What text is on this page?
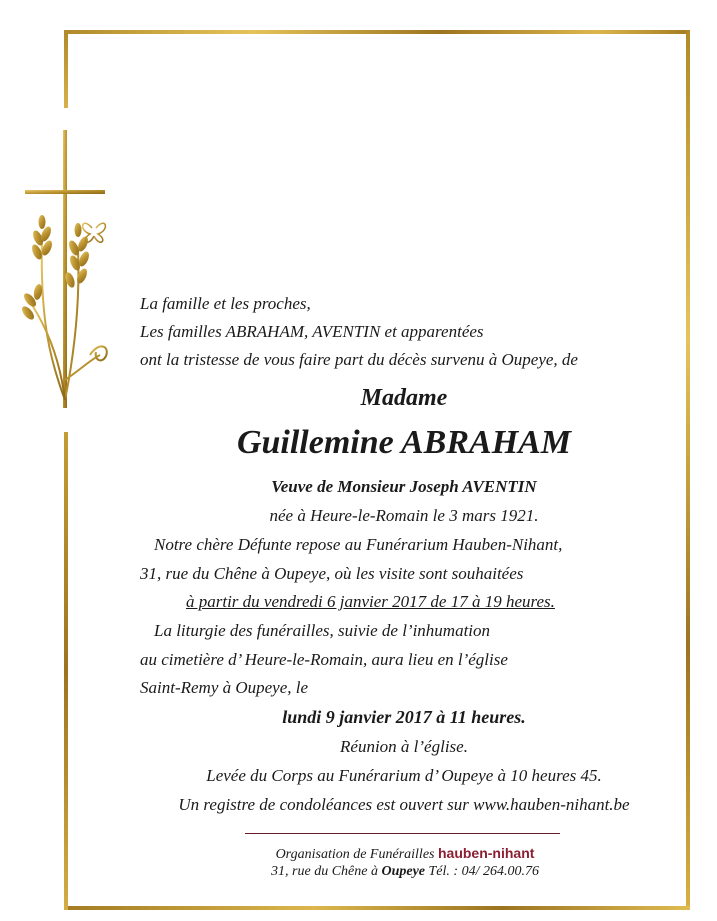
La famille et les proches,
Les familles ABRAHAM, AVENTIN et apparentées
ont la tristesse de vous faire part du décès survenu à Oupeye, de
Madame
Guillemine ABRAHAM
Veuve de Monsieur Joseph AVENTIN
née à Heure-le-Romain le 3 mars 1921.
Notre chère Défunte repose au Funérarium Hauben-Nihant,
31, rue du Chêne à Oupeye, où les visite sont souhaitées
à partir du vendredi 6 janvier 2017 de 17 à 19 heures.
La liturgie des funérailles, suivie de l’inhumation
au cimetière d’ Heure-le-Romain, aura lieu en l’église
Saint-Remy à Oupeye, le
lundi 9 janvier 2017 à 11 heures.
Réunion à l’église.
Levée du Corps au Funérarium d’ Oupeye à 10 heures 45.
Un registre de condoléances est ouvert sur www.hauben-nihant.be
Organisation de Funérailles hauben-nihant
31, rue du Chêne à Oupeye Tél. : 04/ 264.00.76
